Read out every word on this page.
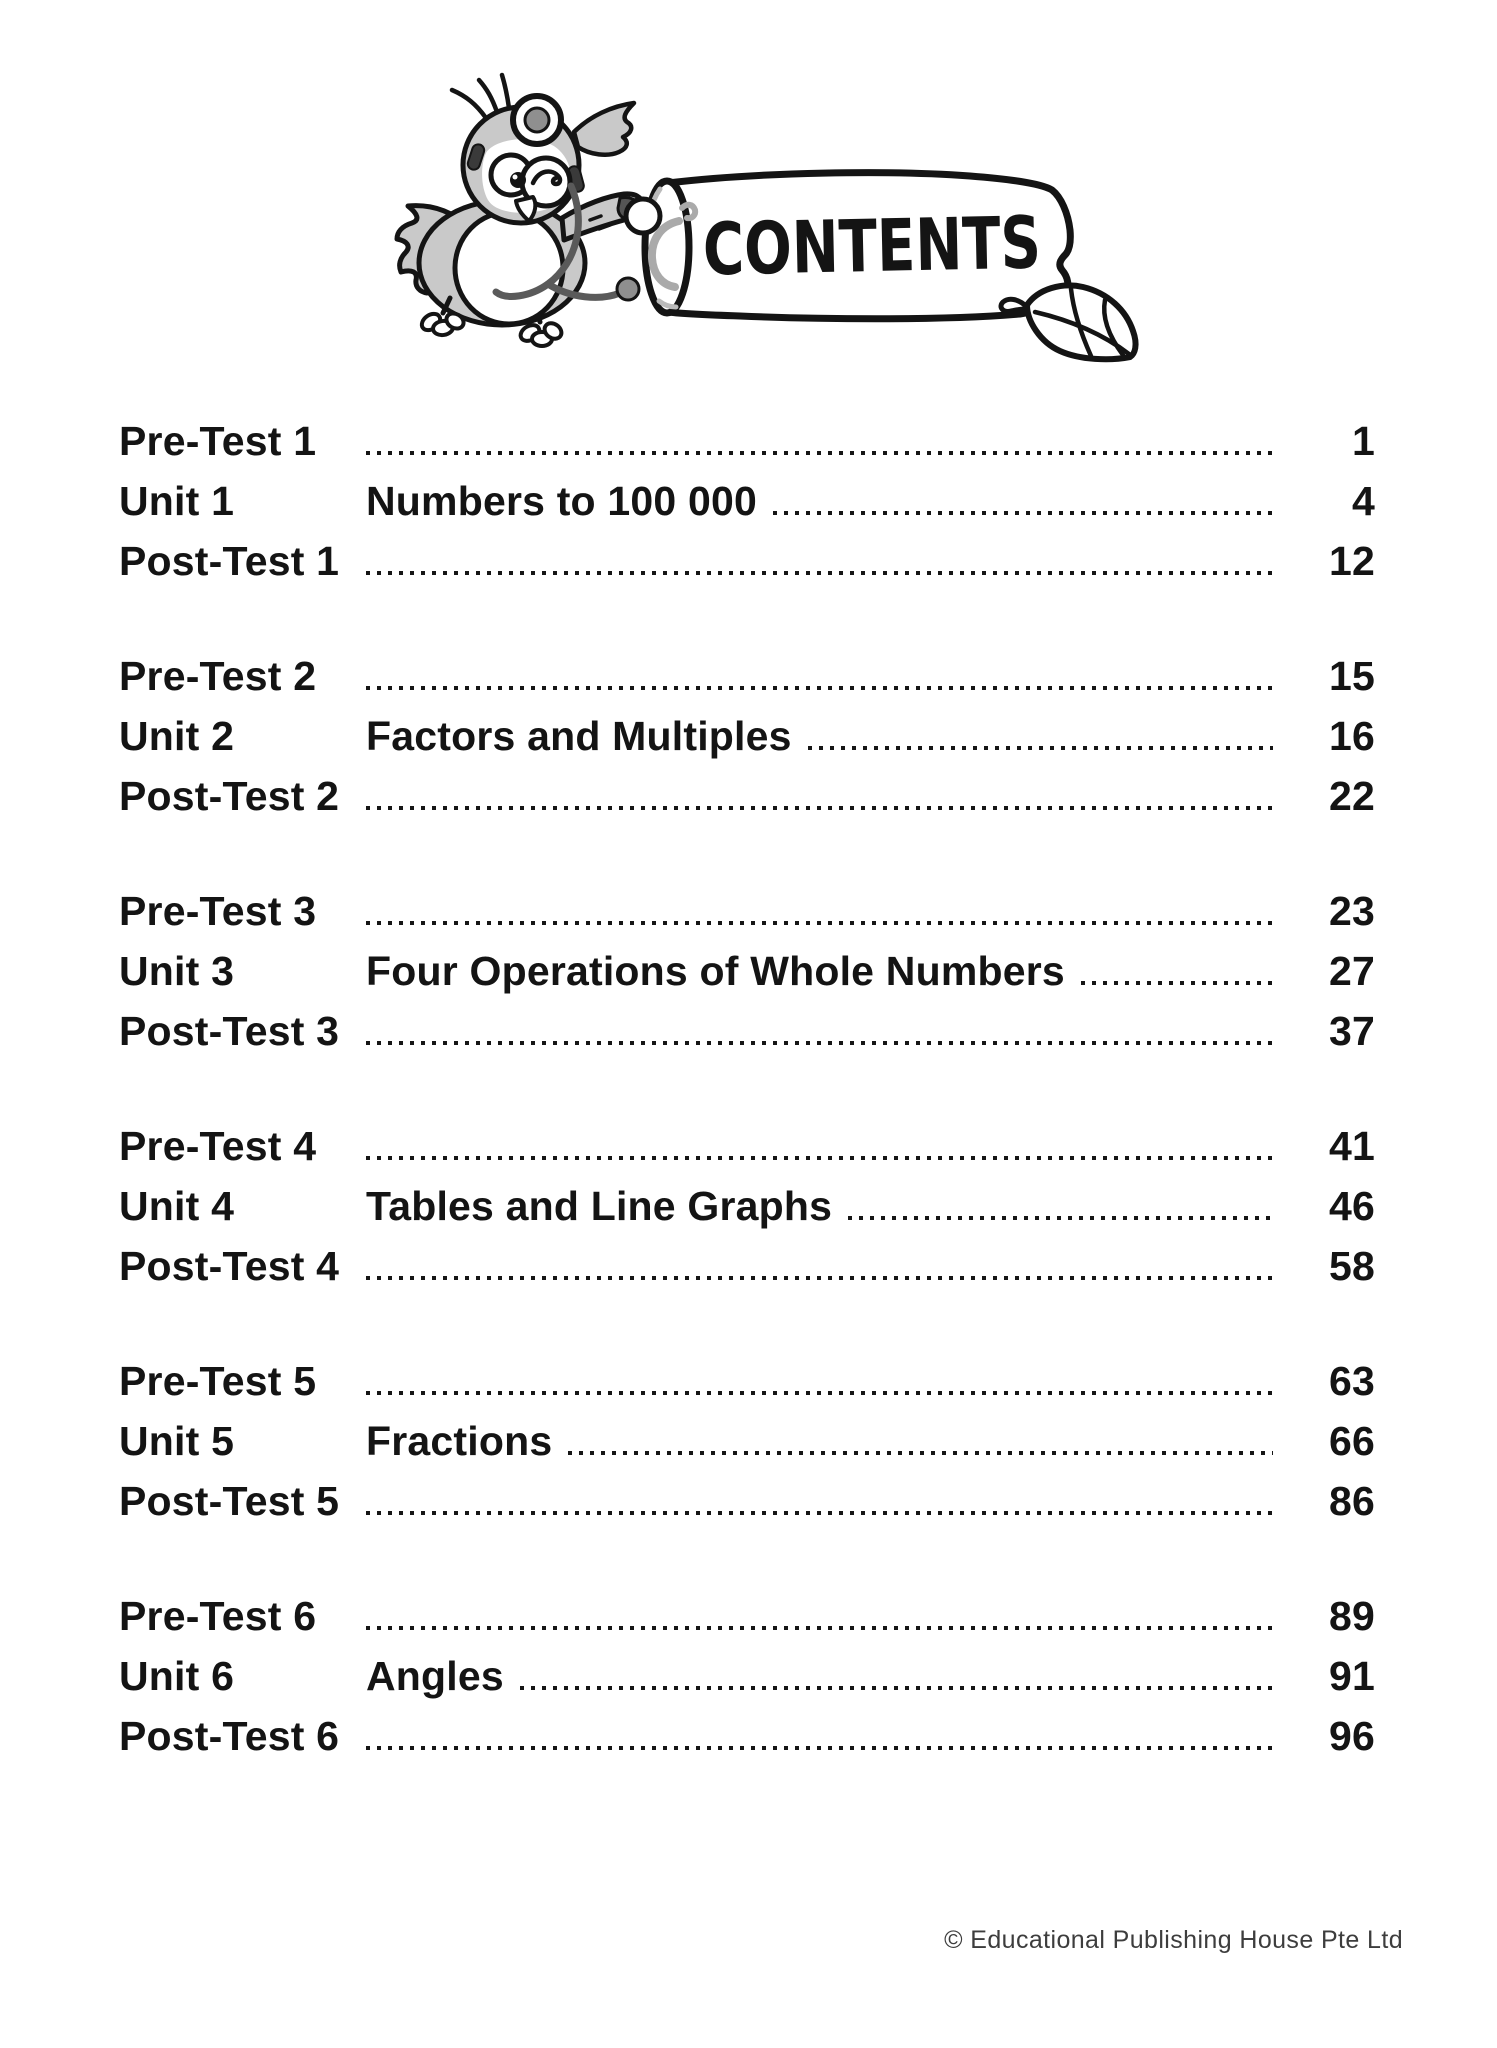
CONTENTS
Pre-Test 1	1
Unit 1	Numbers to 100 000	4
Post-Test 1	12
Pre-Test 2	15
Unit 2	Factors and Multiples	16
Post-Test 2	22
Pre-Test 3	23
Unit 3	Four Operations of Whole Numbers	27
Post-Test 3	37
Pre-Test 4	41
Unit 4	Tables and Line Graphs	46
Post-Test 4	58
Pre-Test 5	63
Unit 5	Fractions	66
Post-Test 5	86
Pre-Test 6	89
Unit 6	Angles	91
Post-Test 6	96
© Educational Publishing House Pte Ltd
